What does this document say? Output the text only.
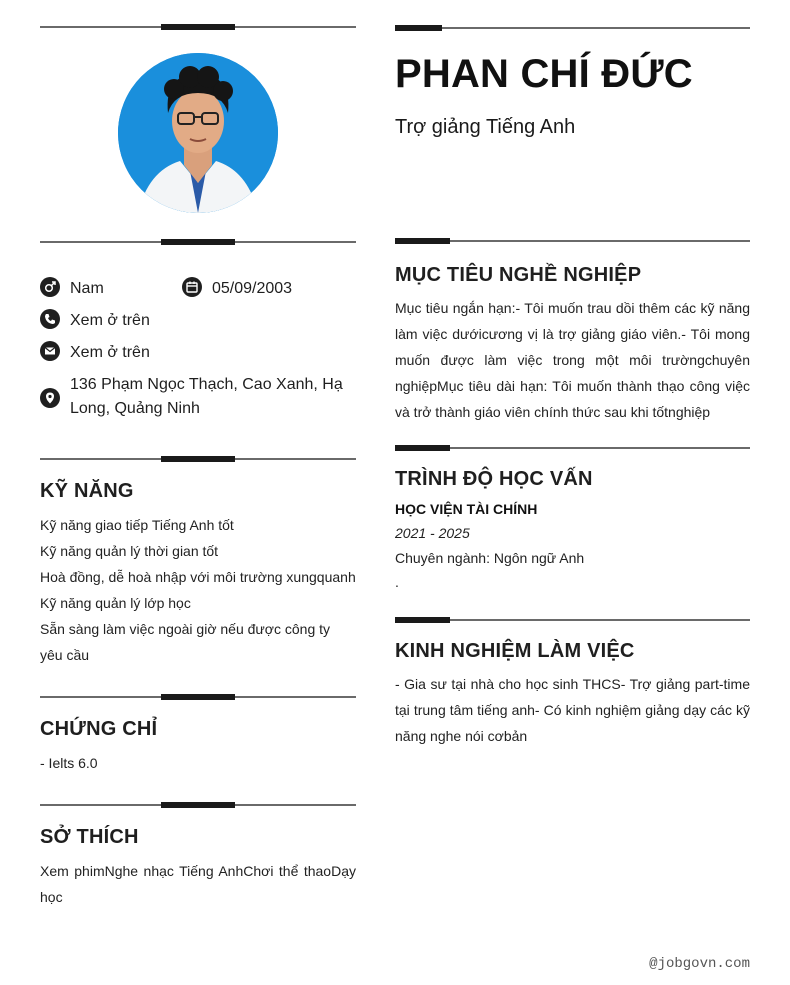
Nam	05/09/2003
Xem ở trên
Xem ở trên
136 Phạm Ngọc Thạch, Cao Xanh, Hạ Long, Quảng Ninh
KỸ NĂNG
Kỹ năng giao tiếp Tiếng Anh tốt
Kỹ năng quản lý thời gian tốt
Hoà đồng, dễ hoà nhập với môi trường xungquanh
Kỹ năng quản lý lớp học
Sẵn sàng làm việc ngoài giờ nếu được công ty yêu cầu
CHỨNG CHỈ
- Ielts 6.0
SỞ THÍCH
Xem phimNghe nhạc Tiếng AnhChơi thể thaoDạy học
PHAN CHÍ ĐỨC
Trợ giảng Tiếng Anh
MỤC TIÊU NGHỀ NGHIỆP
Mục tiêu ngắn hạn:- Tôi muốn trau dồi thêm các kỹ năng làm việc dướicương vị là trợ giảng giáo viên.- Tôi mong muốn được làm việc trong một môi trườngchuyên nghiệpMục tiêu dài hạn: Tôi muốn thành thạo công việc và trở thành giáo viên chính thức sau khi tốtnghiệp
TRÌNH ĐỘ HỌC VẤN
HỌC VIỆN TÀI CHÍNH
2021 - 2025
Chuyên ngành: Ngôn ngữ Anh
.
KINH NGHIỆM LÀM VIỆC
- Gia sư tại nhà cho học sinh THCS- Trợ giảng part-time tại trung tâm tiếng anh- Có kinh nghiệm giảng dạy các kỹ năng nghe nói cơbản
@jobgovn.com
